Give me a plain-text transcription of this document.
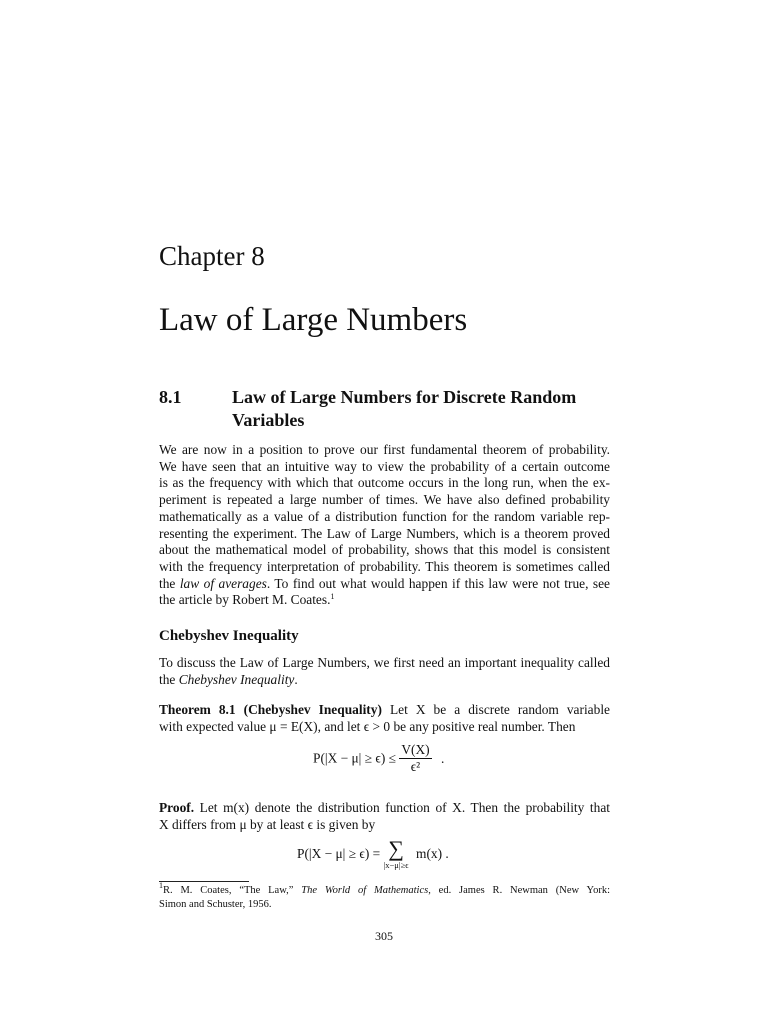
Chapter 8
Law of Large Numbers
8.1	Law of Large Numbers for Discrete Random Variables
We are now in a position to prove our first fundamental theorem of probability.
We have seen that an intuitive way to view the probability of a certain outcome
is as the frequency with which that outcome occurs in the long run, when the ex-
periment is repeated a large number of times. We have also defined probability
mathematically as a value of a distribution function for the random variable rep-
resenting the experiment. The Law of Large Numbers, which is a theorem proved
about the mathematical model of probability, shows that this model is consistent
with the frequency interpretation of probability. This theorem is sometimes called
the law of averages. To find out what would happen if this law were not true, see
the article by Robert M. Coates.$^1$
Chebyshev Inequality
To discuss the Law of Large Numbers, we first need an important inequality called
the Chebyshev Inequality.
Theorem 8.1 (Chebyshev Inequality) Let X be a discrete random variable
with expected value μ = E(X), and let ϵ > 0 be any positive real number. Then
$P(|X - \mu| \ge \epsilon) \le \frac{V(X)}{\text{ϵ²}}$ .
Proof. Let m(x) denote the distribution function of X. Then the probability that
X differs from μ by at least ϵ is given by
P(|X − μ| ≥ ϵ) = ∑
|x−μ|≥ϵ
m(x) .
$^1$R. M. Coates, “The Law,” The World of Mathematics, ed. James R. Newman (New York:
Simon and Schuster, 1956.
305
